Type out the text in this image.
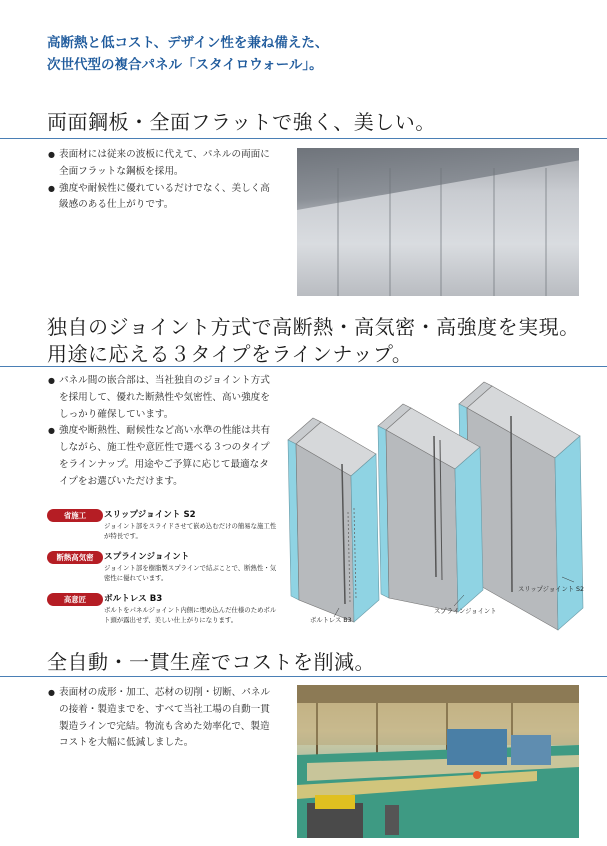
高断熱と低コスト、デザイン性を兼ね備えた、
次世代型の複合パネル「スタイロウォール」。
両面鋼板・全面フラットで強く、美しい。

● 表面材には従来の波板に代えて、パネルの両面に全面フラットな鋼板を採用。

● 強度や耐候性に優れているだけでなく、美しく高級感のある仕上がりです。

独自のジョイント方式で高断熱・高気密・高強度を実現。
用途に応える３タイプをラインナップ。

● パネル間の嵌合部は、当社独自のジョイント方式を採用して、優れた断熱性や気密性、高い強度をしっかり確保しています。

● 強度や断熱性、耐候性など高い水準の性能は共有しながら、施工性や意匠性で選べる３つのタイプをラインナップ。用途やご予算に応じて最適なタイプをお選びいただけます。

省施工	スリップジョイント S2
ジョイント部をスライドさせて嵌め込むだけの簡易な施工性が特長です。
断熱高気密	スプラインジョイント
ジョイント部を樹脂製スプラインで結ぶことで、断熱性・気密性に優れています。
高意匠	ボルトレス B3
ボルトをパネルジョイント内側に埋め込んだ仕様のためボルト頭が露出せず、美しい仕上がりになります。
スリップジョイント S2
スプラインジョイント
ボルトレス B3
全自動・一貫生産でコストを削減。

● 表面材の成形・加工、芯材の切削・切断、パネルの接着・製造までを、すべて当社工場の自動一貫製造ラインで完結。物流も含めた効率化で、製造コストを大幅に低減しました。
